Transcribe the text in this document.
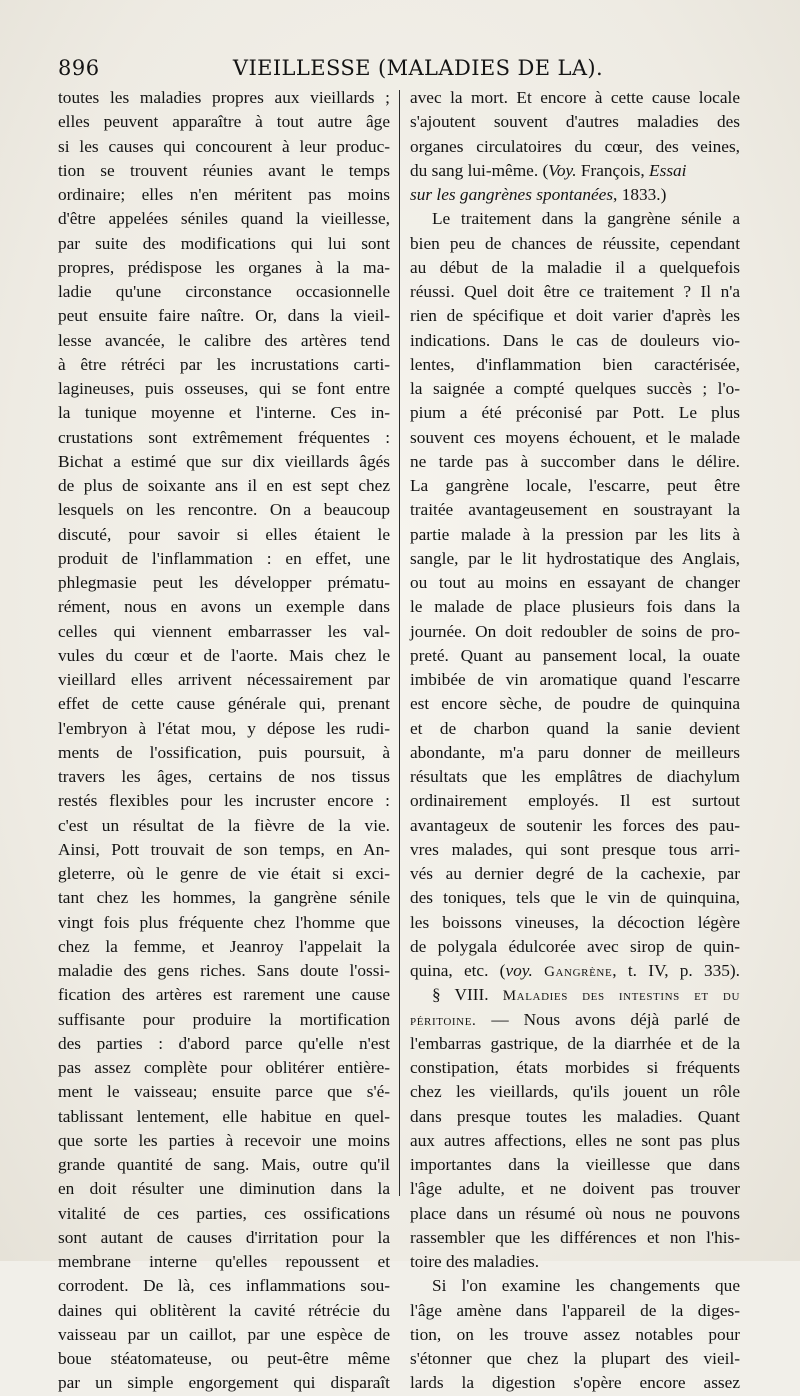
896	VIEILLESSE (MALADIES DE LA).
toutes les maladies propres aux vieillards ;
elles peuvent apparaître à tout autre âge
si les causes qui concourent à leur produc-
tion se trouvent réunies avant le temps
ordinaire; elles n'en méritent pas moins
d'être appelées séniles quand la vieillesse,
par suite des modifications qui lui sont
propres, prédispose les organes à la ma-
ladie qu'une circonstance occasionnelle
peut ensuite faire naître. Or, dans la vieil-
lesse avancée, le calibre des artères tend
à être rétréci par les incrustations carti-
lagineuses, puis osseuses, qui se font entre
la tunique moyenne et l'interne. Ces in-
crustations sont extrêmement fréquentes :
Bichat a estimé que sur dix vieillards âgés
de plus de soixante ans il en est sept chez
lesquels on les rencontre. On a beaucoup
discuté, pour savoir si elles étaient le
produit de l'inflammation : en effet, une
phlegmasie peut les développer prématu-
rément, nous en avons un exemple dans
celles qui viennent embarrasser les val-
vules du cœur et de l'aorte. Mais chez le
vieillard elles arrivent nécessairement par
effet de cette cause générale qui, prenant
l'embryon à l'état mou, y dépose les rudi-
ments de l'ossification, puis poursuit, à
travers les âges, certains de nos tissus
restés flexibles pour les incruster encore :
c'est un résultat de la fièvre de la vie.
Ainsi, Pott trouvait de son temps, en An-
gleterre, où le genre de vie était si exci-
tant chez les hommes, la gangrène sénile
vingt fois plus fréquente chez l'homme que
chez la femme, et Jeanroy l'appelait la
maladie des gens riches. Sans doute l'ossi-
fication des artères est rarement une cause
suffisante pour produire la mortification
des parties : d'abord parce qu'elle n'est
pas assez complète pour oblitérer entière-
ment le vaisseau; ensuite parce que s'é-
tablissant lentement, elle habitue en quel-
que sorte les parties à recevoir une moins
grande quantité de sang. Mais, outre qu'il
en doit résulter une diminution dans la
vitalité de ces parties, ces ossifications
sont autant de causes d'irritation pour la
membrane interne qu'elles repoussent et
corrodent. De là, ces inflammations sou-
daines qui oblitèrent la cavité rétrécie du
vaisseau par un caillot, par une espèce de
boue stéatomateuse, ou peut-être même
par un simple engorgement qui disparaît
avec la mort. Et encore à cette cause locale
s'ajoutent souvent d'autres maladies des
organes circulatoires du cœur, des veines,
du sang lui-même. (Voy. François, Essai
sur les gangrènes spontanées, 1833.)
Le traitement dans la gangrène sénile a
bien peu de chances de réussite, cependant
au début de la maladie il a quelquefois
réussi. Quel doit être ce traitement ? Il n'a
rien de spécifique et doit varier d'après les
indications. Dans le cas de douleurs vio-
lentes, d'inflammation bien caractérisée,
la saignée a compté quelques succès ; l'o-
pium a été préconisé par Pott. Le plus
souvent ces moyens échouent, et le malade
ne tarde pas à succomber dans le délire.
La gangrène locale, l'escarre, peut être
traitée avantageusement en soustrayant la
partie malade à la pression par les lits à
sangle, par le lit hydrostatique des Anglais,
ou tout au moins en essayant de changer
le malade de place plusieurs fois dans la
journée. On doit redoubler de soins de pro-
preté. Quant au pansement local, la ouate
imbibée de vin aromatique quand l'escarre
est encore sèche, de poudre de quinquina
et de charbon quand la sanie devient
abondante, m'a paru donner de meilleurs
résultats que les emplâtres de diachylum
ordinairement employés. Il est surtout
avantageux de soutenir les forces des pau-
vres malades, qui sont presque tous arri-
vés au dernier degré de la cachexie, par
des toniques, tels que le vin de quinquina,
les boissons vineuses, la décoction légère
de polygala édulcorée avec sirop de quin-
quina, etc. (voy. Gangrène, t. IV, p. 335).
§ VIII. Maladies des intestins et du
péritoine. — Nous avons déjà parlé de
l'embarras gastrique, de la diarrhée et de la
constipation, états morbides si fréquents
chez les vieillards, qu'ils jouent un rôle
dans presque toutes les maladies. Quant
aux autres affections, elles ne sont pas plus
importantes dans la vieillesse que dans
l'âge adulte, et ne doivent pas trouver
place dans un résumé où nous ne pouvons
rassembler que les différences et non l'his-
toire des maladies.
Si l'on examine les changements que
l'âge amène dans l'appareil de la diges-
tion, on les trouve assez notables pour
s'étonner que chez la plupart des vieil-
lards la digestion s'opère encore assez
